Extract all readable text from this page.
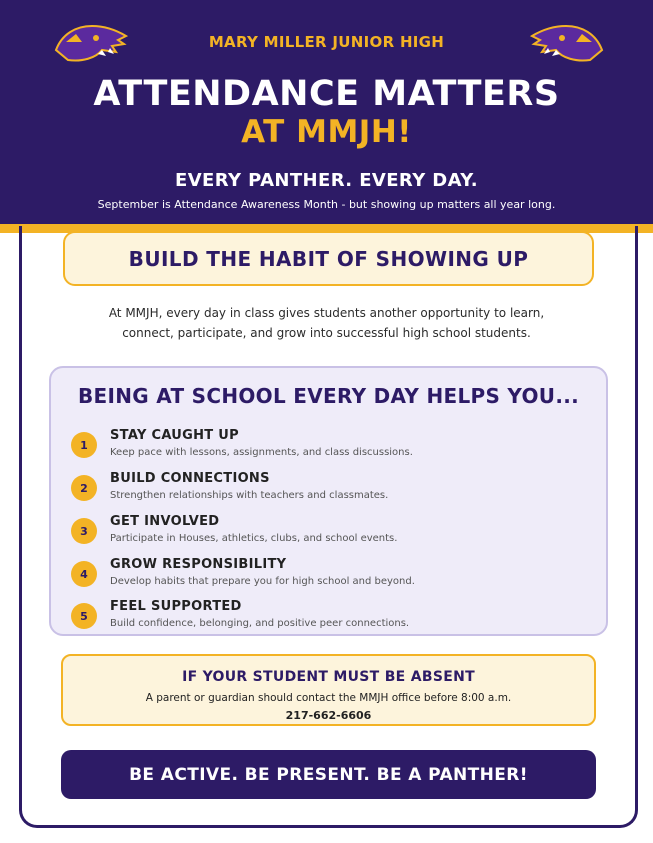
MARY MILLER JUNIOR HIGH
ATTENDANCE MATTERS
AT MMJH!
EVERY PANTHER. EVERY DAY.
September is Attendance Awareness Month - but showing up matters all year long.
BUILD THE HABIT OF SHOWING UP
At MMJH, every day in class gives students another opportunity to learn,
connect, participate, and grow into successful high school students.
BEING AT SCHOOL EVERY DAY HELPS YOU...
1
STAY CAUGHT UP
Keep pace with lessons, assignments, and class discussions.
2
BUILD CONNECTIONS
Strengthen relationships with teachers and classmates.
3
GET INVOLVED
Participate in Houses, athletics, clubs, and school events.
4
GROW RESPONSIBILITY
Develop habits that prepare you for high school and beyond.
5
FEEL SUPPORTED
Build confidence, belonging, and positive peer connections.
IF YOUR STUDENT MUST BE ABSENT
A parent or guardian should contact the MMJH office before 8:00 a.m.
217-662-6606
BE ACTIVE. BE PRESENT. BE A PANTHER!
